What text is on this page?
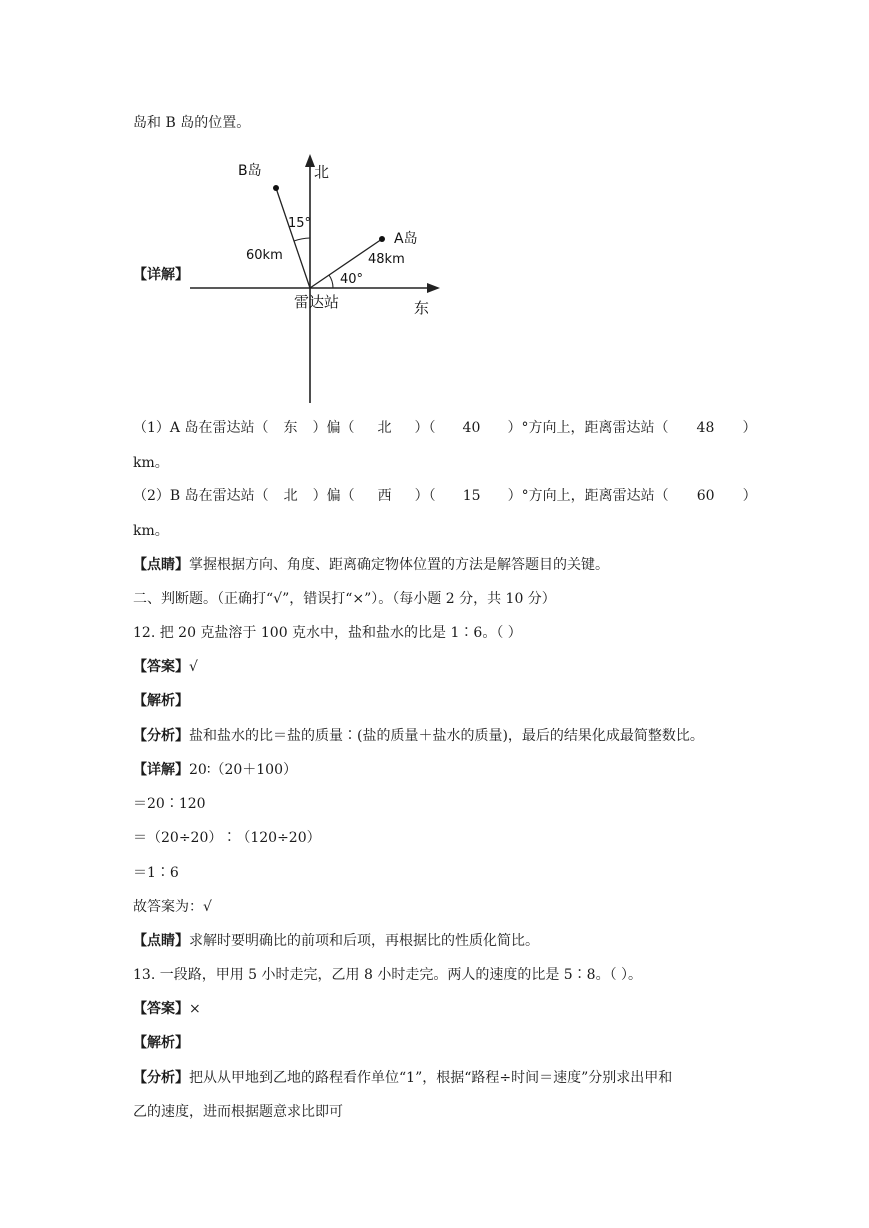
岛和 B 岛的位置。
【详解】
北
东
雷达站
B岛
A岛
15°
40°
60km	48km
（1）A 岛在雷达站（ 东 ）偏（ 北 ）（ 40 ）°方向上，距离雷达站（ 48 ）
km。
（2）B 岛在雷达站（ 北 ）偏（ 西 ）（ 15 ）°方向上，距离雷达站（ 60 ）
km。
【点睛】掌握根据方向、角度、距离确定物体位置的方法是解答题目的关键。
二、判断题。（正确打“√”，错误打“×”）。（每小题 2 分，共 10 分）
12. 把 20 克盐溶于 100 克水中，盐和盐水的比是 1∶6。（ ）
【答案】√
【解析】
【分析】盐和盐水的比＝盐的质量∶(盐的质量＋盐水的质量)，最后的结果化成最简整数比。
【详解】20∶（20＋100）
＝20∶120
＝（20÷20）∶（120÷20）
＝1∶6
故答案为：√
【点睛】求解时要明确比的前项和后项，再根据比的性质化简比。
13. 一段路，甲用 5 小时走完，乙用 8 小时走完。两人的速度的比是 5∶8。（ ）。
【答案】×
【解析】
【分析】把从从甲地到乙地的路程看作单位“1”，根据“路程÷时间＝速度”分别求出甲和
乙的速度，进而根据题意求比即可
